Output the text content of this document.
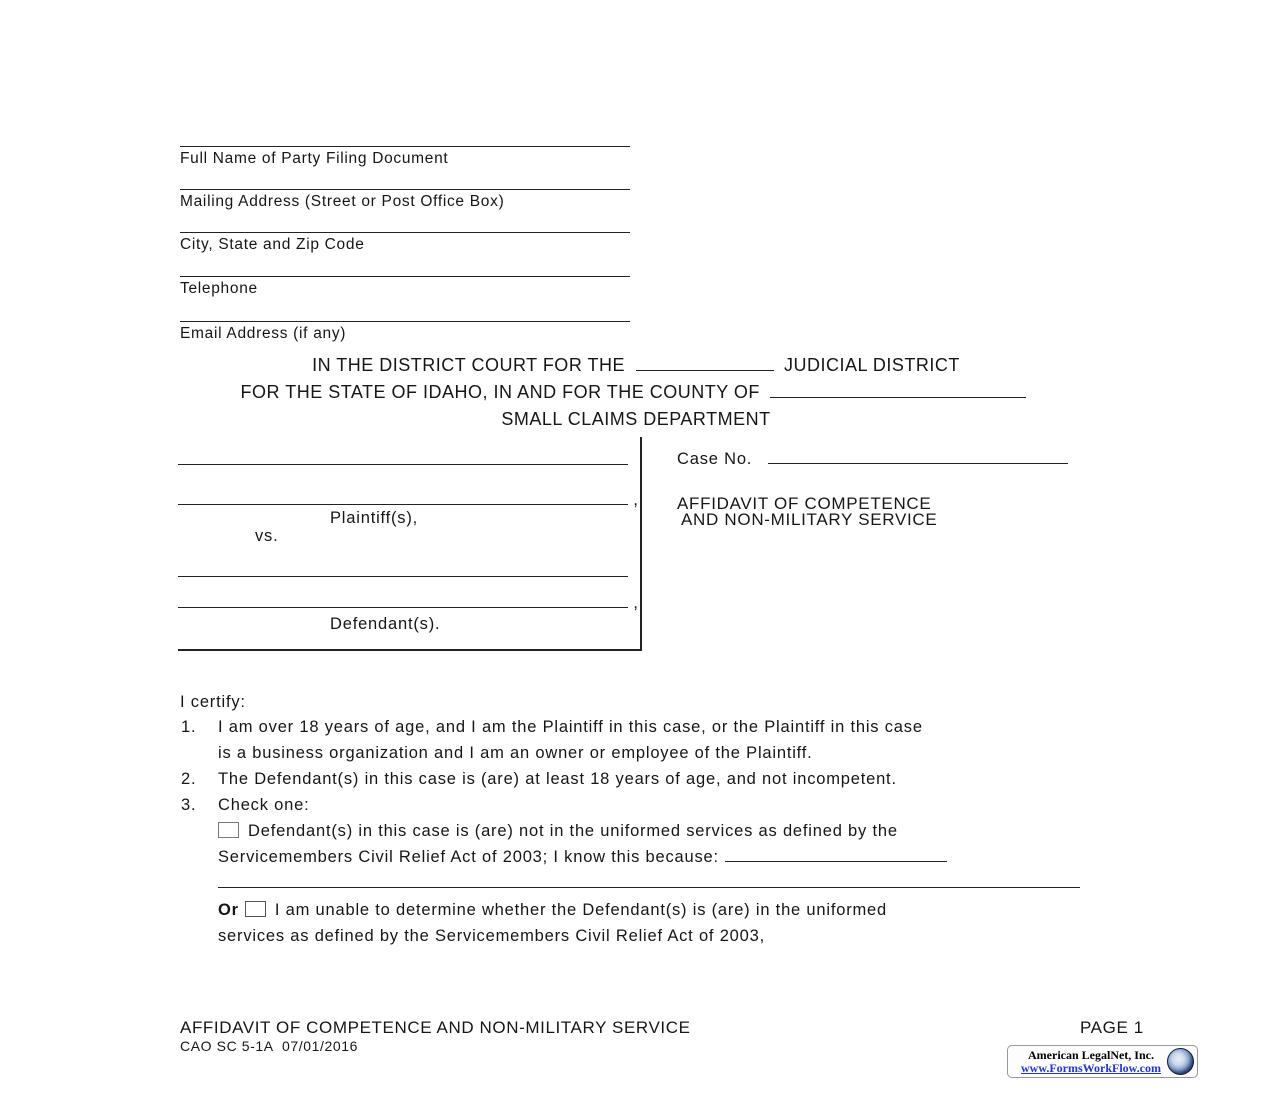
Full Name of Party Filing Document
Mailing Address (Street or Post Office Box)
City, State and Zip Code
Telephone
Email Address (if any)
IN THE DISTRICT COURT FOR THE	JUDICIAL DISTRICT
FOR THE STATE OF IDAHO, IN AND FOR THE COUNTY OF
SMALL CLAIMS DEPARTMENT
,
Plaintiff(s),
vs.
,
Defendant(s).
Case No.
AFFIDAVIT OF COMPETENCE
AND NON-MILITARY SERVICE
I certify:
1. I am over 18 years of age, and I am the Plaintiff in this case, or the Plaintiff in this case
is a business organization and I am an owner or employee of the Plaintiff.
2. The Defendant(s) in this case is (are) at least 18 years of age, and not incompetent.
3. Check one:
Defendant(s) in this case is (are) not in the uniformed services as defined by the
Servicemembers Civil Relief Act of 2003; I know this because:
Or I am unable to determine whether the Defendant(s) is (are) in the uniformed
services as defined by the Servicemembers Civil Relief Act of 2003,
AFFIDAVIT OF COMPETENCE AND NON-MILITARY SERVICE	PAGE 1
CAO SC 5-1A  07/01/2016
American LegalNet, Inc.
www.FormsWorkFlow.com
